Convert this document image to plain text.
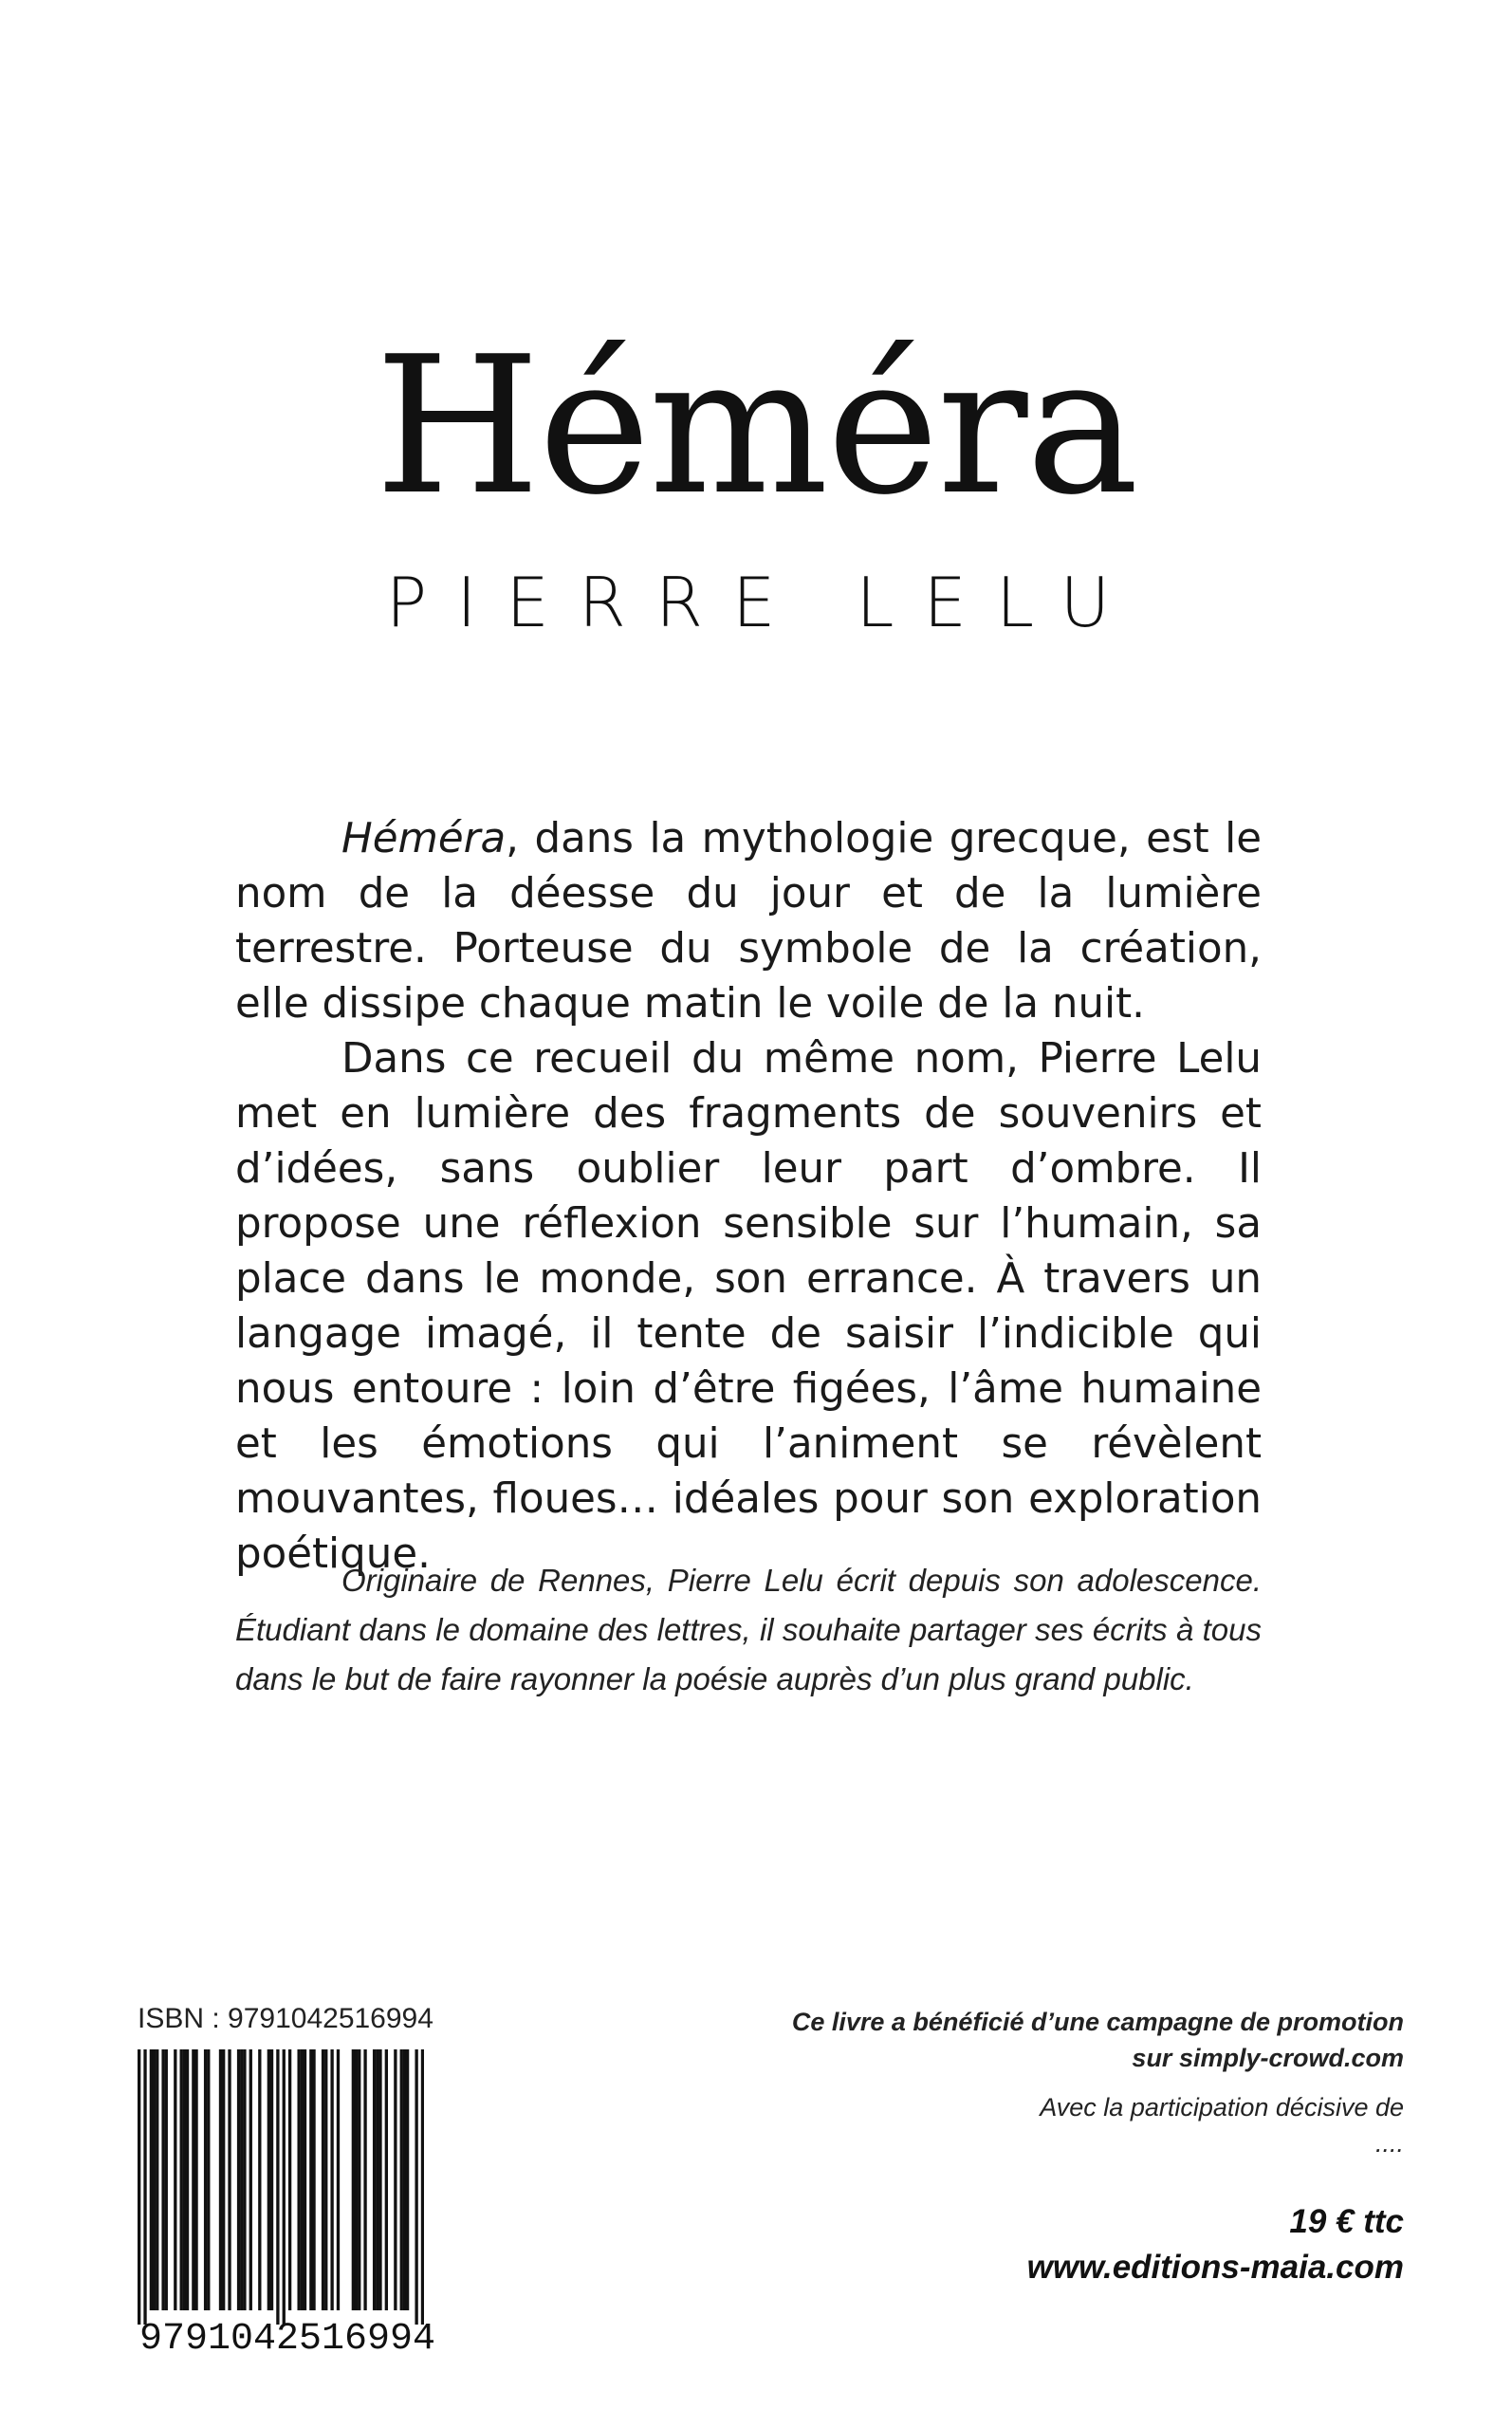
Héméra
PIERRE LELU

Héméra, dans la mythologie grecque, est le nom de la déesse du jour et de la lumière terrestre. Porteuse du symbole de la création, elle dissipe chaque matin le voile de la nuit.

Dans ce recueil du même nom, Pierre Lelu met en lumière des fragments de souvenirs et d’idées, sans oublier leur part d’ombre. Il propose une réflexion sensible sur l’humain, sa place dans le monde, son errance. À travers un langage imagé, il tente de saisir l’indicible qui nous entoure : loin d’être figées, l’âme humaine et les émotions qui l’animent se révèlent mouvantes, floues… idéales pour son exploration poétique.

Originaire de Rennes, Pierre Lelu écrit depuis son adolescence. Étudiant dans le domaine des lettres, il souhaite partager ses écrits à tous dans le but de faire rayonner la poésie auprès d’un plus grand public.

ISBN : 9791042516994
9791042516994
Ce livre a bénéficié d’une campagne de promotion
sur simply-crowd.com
Avec la participation décisive de
....
19 € ttc
www.editions-maia.com
